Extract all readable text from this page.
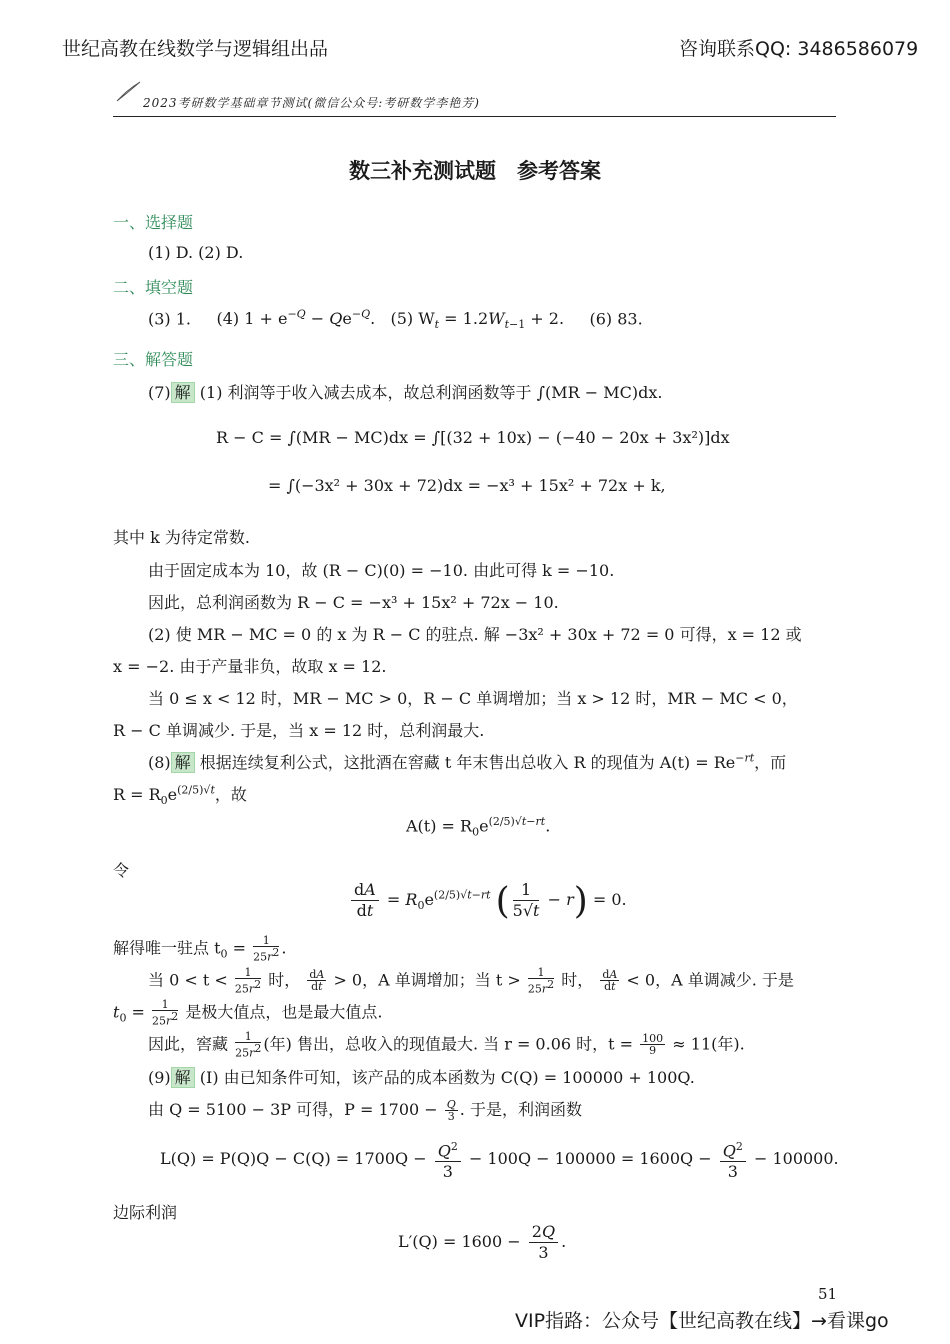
世纪高教在线数学与逻辑组出品	咨询联系QQ: 3486586079
2023考研数学基础章节测试(微信公众号:考研数学李艳芳)
数三补充测试题　参考答案
一、选择题
(1) D. (2) D.
二、填空题
(3) 1. (4) $1 + e^{-Q} - Qe^{-Q}$. (5) $W_t = 1.2W_{t-1} + 2$. (6) 83.
三、解答题
(7) 解 (1) 利润等于收入减去成本，故总利润函数等于 ∫(MR − MC)dx.
R − C = ∫(MR − MC)dx = ∫[(32 + 10x) − (−40 − 20x + 3x²)]dx
= ∫(−3x² + 30x + 72)dx = −x³ + 15x² + 72x + k,
其中 k 为待定常数.
由于固定成本为 10，故 (R − C)(0) = −10. 由此可得 k = −10.
因此，总利润函数为 R − C = −x³ + 15x² + 72x − 10.
(2) 使 MR − MC = 0 的 x 为 R − C 的驻点. 解 −3x² + 30x + 72 = 0 可得，x = 12 或
x = −2. 由于产量非负，故取 x = 12.
当 0 ≤ x < 12 时，MR − MC > 0，R − C 单调增加；当 x > 12 时，MR − MC < 0，
R − C 单调减少. 于是，当 x = 12 时，总利润最大.
(8) 解 根据连续复利公式，这批酒在窖藏 t 年末售出总收入 R 的现值为 $A(t) = Re^{-rt}$，而
$R = R_0e^{(2/5)√t}$，故
$A(t) = R_0e^{(2/5)√t-rt}$.
令
$\frac{dA}{dt} = R_0e^{(2/5)√t-rt}$ ( $\frac{1}{5√t} - r) = 0$.
解得唯一驻点 $t_0 = \frac{1}{25r^2}$ .
当 $0 < t < \frac{1}{25r^2}$ 时， $\frac{dA}{dt} > 0$，A 单调增加；当 $t > \frac{1}{25r^2}$ 时， $\frac{dA}{dt} < 0$，A 单调减少. 于是
$t_0 = \frac{1}{25r^2}$ 是极大值点，也是最大值点.
因此，窖藏 $\frac{1}{25r^2}$ (年) 售出，总收入的现值最大. 当 r = 0.06 时，$t = \frac{100}{9} \approx 11$(年).
(9) 解 (I) 由已知条件可知，该产品的成本函数为 C(Q) = 100000 + 100Q.
由 Q = 5100 − 3P 可得，$P = 1700 - \frac{Q}{3}$ . 于是，利润函数
$L(Q) = P(Q)Q - C(Q) = 1700Q - \frac{Q^2}{3} - 100Q - 100000 = 1600Q - \frac{Q^2}{3} - 100000$.
边际利润
$L'(Q) = 1600 - \frac{2Q}{3}$ .
51
VIP指路：公众号【世纪高教在线】→看课go
